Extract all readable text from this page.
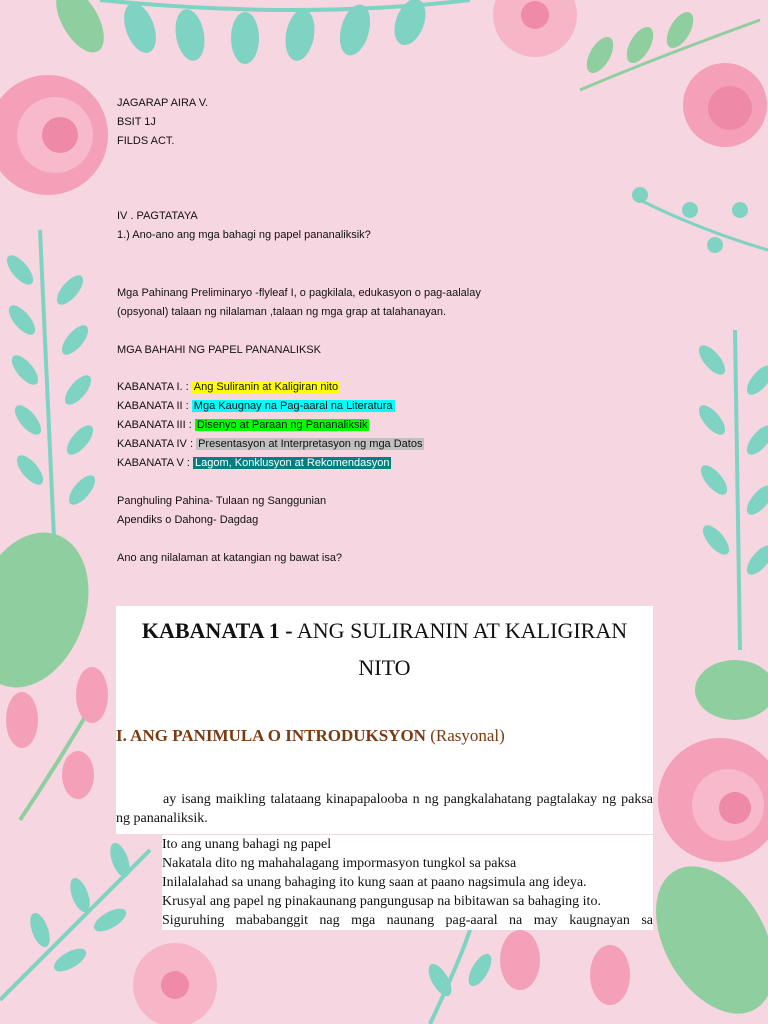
JAGARAP AIRA V.

BSIT 1J

FILDS ACT.

IV . PAGTATAYA

1.) Ano-ano ang mga bahagi ng papel pananaliksik?

Mga Pahinang Preliminaryo -flyleaf I, o pagkilala, edukasyon o pag-aalalay

(opsyonal) talaan ng nilalaman ,talaan ng mga grap at talahanayan.

MGA BAHAHI NG PAPEL PANANALIKSK

KABANATA I. : Ang Suliranin at Kaligiran nito

KABANATA II : Mga Kaugnay na Pag-aaral na Literatura

KABANATA III : Disenyo at Paraan ng Pananaliksik

KABANATA IV : Presentasyon at Interpretasyon ng mga Datos

KABANATA V : Lagom, Konklusyon at Rekomendasyon

Panghuling Pahina- Tulaan ng Sanggunian

Apendiks o Dahong- Dagdag

Ano ang nilalaman at katangian ng bawat isa?

KABANATA 1 - ANG SULIRANIN AT KALIGIRAN NITO
I. ANG PANIMULA O INTRODUKSYON (Rasyonal)

ay isang maikling talataang kinapapalooba n ng pangkalahatang pagtalakay ng paksa ng pananaliksik.

Ito ang unang bahagi ng papel

Nakatala dito ng mahahalagang impormasyon tungkol sa paksa

Inilalalahad sa unang bahaging ito kung saan at paano nagsimula ang ideya.

Krusyal ang papel ng pinakaunang pangungusap na bibitawan sa bahaging ito.

Siguruhing mababanggit nag mga naunang pag-aaral na may kaugnayan sa
